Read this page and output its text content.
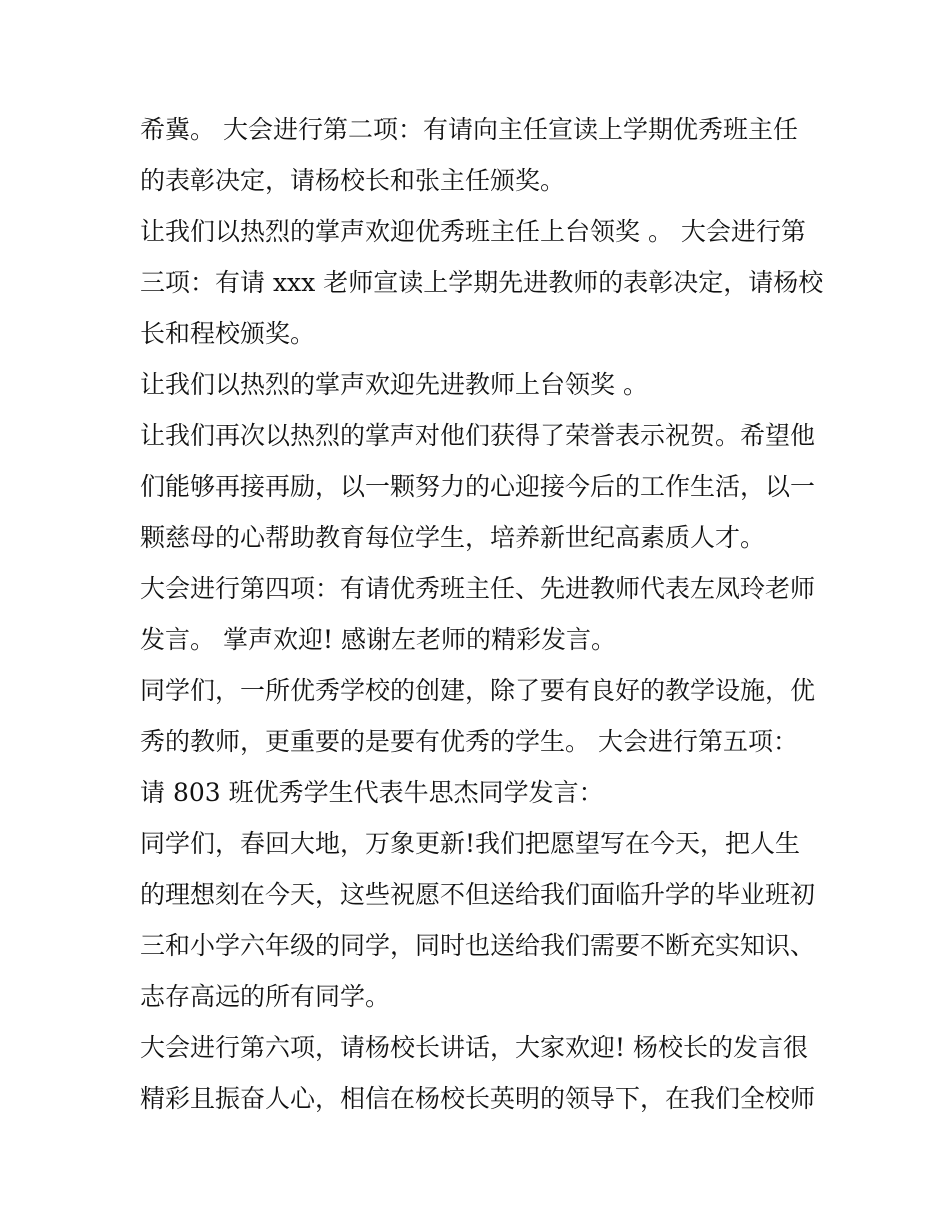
希冀。 大会进行第二项：有请向主任宣读上学期优秀班主任
的表彰决定，请杨校长和张主任颁奖。

让我们以热烈的掌声欢迎优秀班主任上台领奖 。 大会进行第
三项：有请 xxx 老师宣读上学期先进教师的表彰决定，请杨校
长和程校颁奖。

让我们以热烈的掌声欢迎先进教师上台领奖 。

让我们再次以热烈的掌声对他们获得了荣誉表示祝贺。希望他
们能够再接再励，以一颗努力的心迎接今后的工作生活，以一
颗慈母的心帮助教育每位学生，培养新世纪高素质人才。

大会进行第四项：有请优秀班主任、先进教师代表左凤玲老师
发言。 掌声欢迎! 感谢左老师的精彩发言。

同学们，一所优秀学校的创建，除了要有良好的教学设施，优
秀的教师，更重要的是要有优秀的学生。 大会进行第五项：
请 803 班优秀学生代表牛思杰同学发言：

同学们，春回大地，万象更新!我们把愿望写在今天，把人生
的理想刻在今天，这些祝愿不但送给我们面临升学的毕业班初
三和小学六年级的同学，同时也送给我们需要不断充实知识、
志存高远的所有同学。

大会进行第六项，请杨校长讲话，大家欢迎! 杨校长的发言很
精彩且振奋人心，相信在杨校长英明的领导下，在我们全校师
